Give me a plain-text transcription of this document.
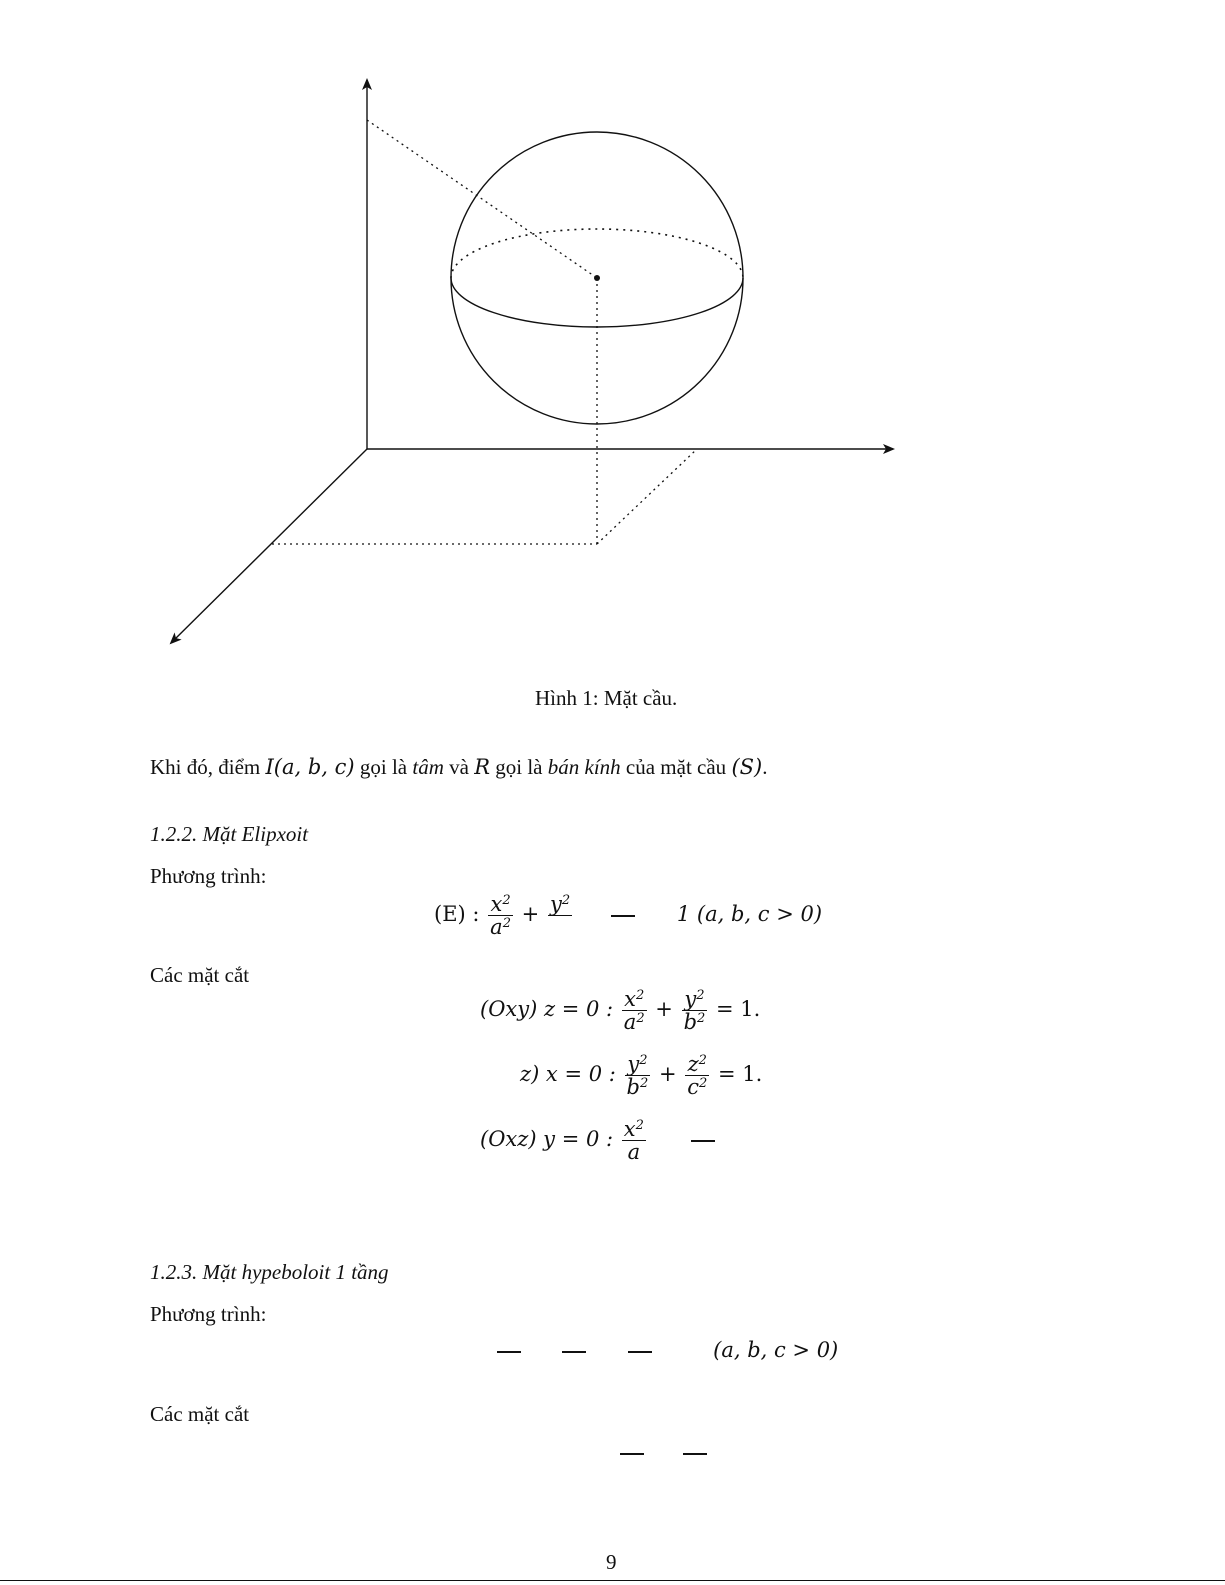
Hình 1: Mặt cầu.
Khi đó, điểm I(a, b, c) gọi là tâm và R gọi là bán kính của mặt cầu (S).
1.2.2. Mặt Elipxoit
Phương trình:
(E) : $\frac{x^2}{a^2} + y^2$

1 (a, b, c > 0)
Các mặt cắt
(Oxy) z = 0 : $\frac{x^2}{a^2} + \frac{y^2}{b^2} = 1$.
z) x = 0 : $\frac{y^2}{b^2} + \frac{z^2}{c^2} = 1$.
(Oxz) y = 0 : $\frac{x^2}{a}$

1.2.3. Mặt hypeboloit 1 tầng
Phương trình:
(a, b, c > 0)
Các mặt cắt

9
